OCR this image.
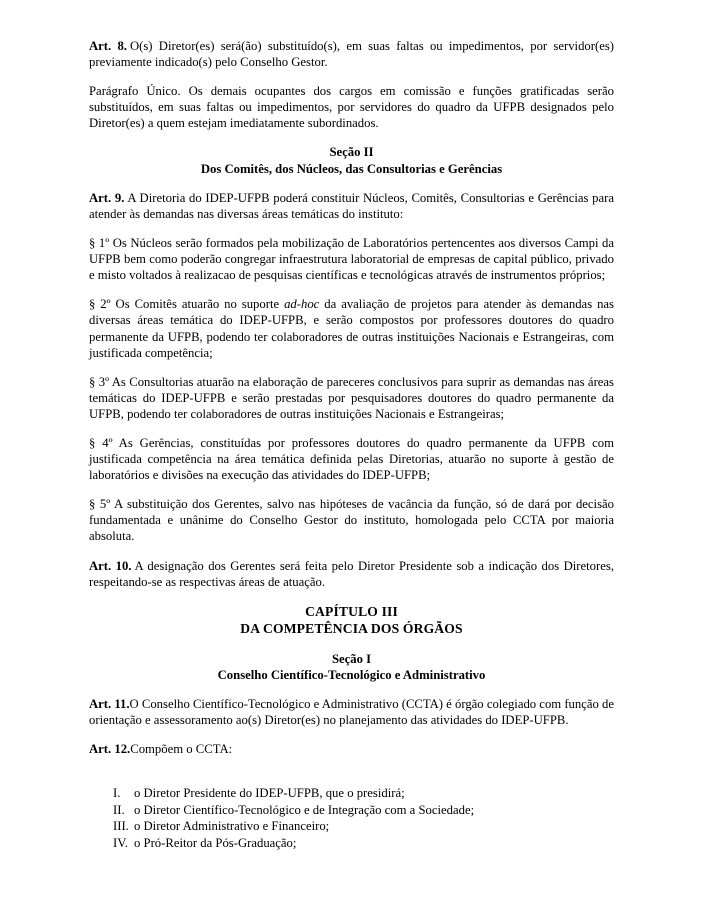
Art. 8. O(s) Diretor(es) será(ão) substituído(s), em suas faltas ou impedimentos, por servidor(es) previamente indicado(s) pelo Conselho Gestor.

Parágrafo Único. Os demais ocupantes dos cargos em comissão e funções gratificadas serão substituídos, em suas faltas ou impedimentos, por servidores do quadro da UFPB designados pelo Diretor(es) a quem estejam imediatamente subordinados.

Seção II
Dos Comitês, dos Núcleos, das Consultorias e Gerências

Art. 9. A Diretoria do IDEP-UFPB poderá constituir Núcleos, Comitês, Consultorias e Gerências para atender às demandas nas diversas áreas temáticas do instituto:

§ 1º Os Núcleos serão formados pela mobilização de Laboratórios pertencentes aos diversos Campi da UFPB bem como poderão congregar infraestrutura laboratorial de empresas de capital público, privado e misto voltados à realizacao de pesquisas científicas e tecnológicas através de instrumentos próprios;

§ 2º Os Comitês atuarão no suporte ad-hoc da avaliação de projetos para atender às demandas nas diversas áreas temática do IDEP-UFPB, e serão compostos por professores doutores do quadro permanente da UFPB, podendo ter colaboradores de outras instituições Nacionais e Estrangeiras, com justificada competência;

§ 3º As Consultorias atuarão na elaboração de pareceres conclusivos para suprir as demandas nas áreas temáticas do IDEP-UFPB e serão prestadas por pesquisadores doutores do quadro permanente da UFPB, podendo ter colaboradores de outras instituições Nacionais e Estrangeiras;

§ 4º As Gerências, constituídas por professores doutores do quadro permanente da UFPB com justificada competência na área temática definida pelas Diretorias, atuarão no suporte à gestão de laboratórios e divisões na execução das atividades do IDEP-UFPB;

§ 5º A substituição dos Gerentes, salvo nas hipóteses de vacância da função, só de dará por decisão fundamentada e unânime do Conselho Gestor do instituto, homologada pelo CCTA por maioria absoluta.

Art. 10. A designação dos Gerentes será feita pelo Diretor Presidente sob a indicação dos Diretores, respeitando-se as respectivas áreas de atuação.

CAPÍTULO III
DA COMPETÊNCIA DOS ÓRGÃOS
Seção I
Conselho Científico-Tecnológico e Administrativo

Art. 11.O Conselho Científico-Tecnológico e Administrativo (CCTA) é órgão colegiado com função de orientação e assessoramento ao(s) Diretor(es) no planejamento das atividades do IDEP-UFPB.

Art. 12.Compõem o CCTA:

I.	o Diretor Presidente do IDEP-UFPB, que o presidirá;
II. o Diretor Científico-Tecnológico e de Integração com a Sociedade;
III. o Diretor Administrativo e Financeiro;
IV. o Pró-Reitor da Pós-Graduação;
